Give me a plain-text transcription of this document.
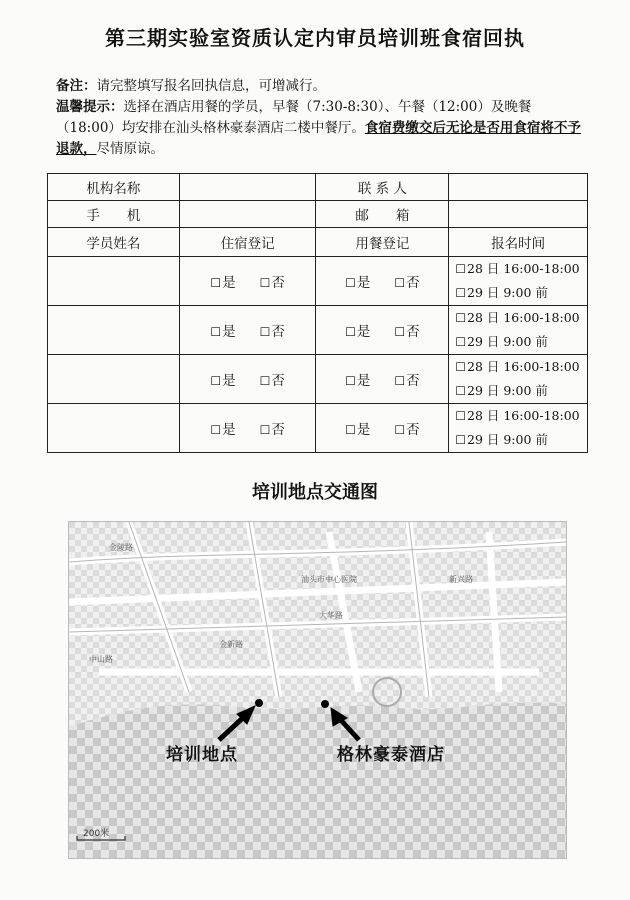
第三期实验室资质认定内审员培训班食宿回执
备注：请完整填写报名回执信息，可增减行。
温馨提示：选择在酒店用餐的学员，早餐（7:30-8:30）、午餐（12:00）及晚餐（18:00）均安排在汕头格林豪泰酒店二楼中餐厅。食宿费缴交后无论是否用食宿将不予退款，尽情原谅。
机构名称		联 系 人	
手　　机		邮　　箱	
学员姓名	住宿登记	用餐登记	报名时间
	☐是 ☐否	☐是 ☐否	☐28 日 16:00-18:00
☐29 日 9:00 前

	☐是 ☐否	☐是 ☐否	☐28 日 16:00-18:00
☐29 日 9:00 前

	☐是 ☐否	☐是 ☐否	☐28 日 16:00-18:00
☐29 日 9:00 前

	☐是 ☐否	☐是 ☐否	☐28 日 16:00-18:00
☐29 日 9:00 前
培训地点交通图
中山路
大华路
汕头市中心医院
金陵路
新兴路
金新路
200米
培训地点	格林豪泰酒店
